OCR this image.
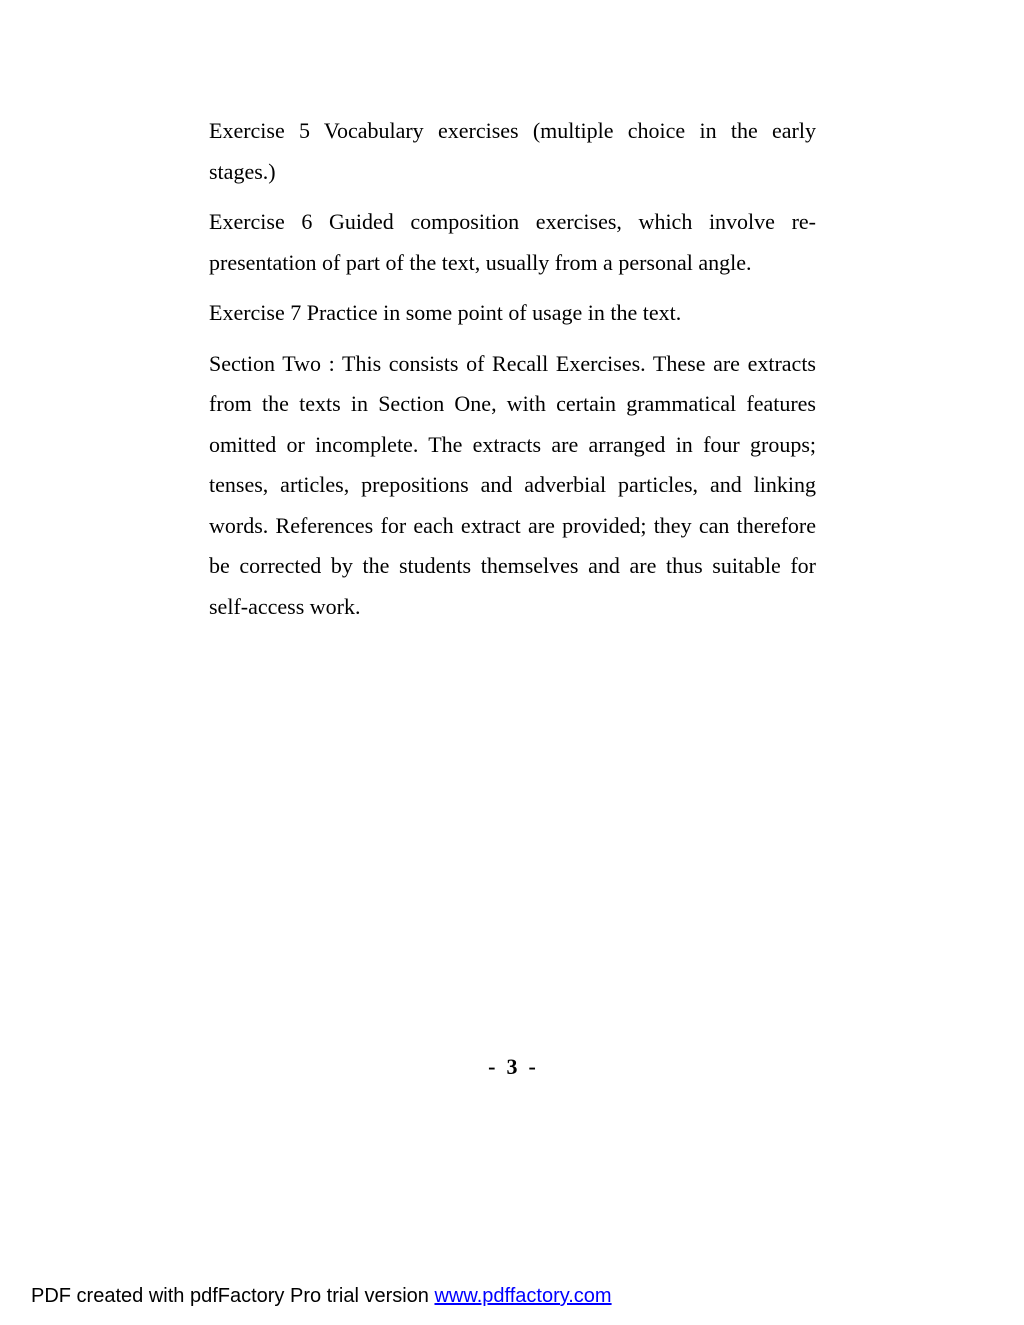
Exercise 5 Vocabulary exercises (multiple choice in the early stages.)

Exercise 6 Guided composition exercises, which involve re-presentation of part of the text, usually from a personal angle.

Exercise 7 Practice in some point of usage in the text.

Section Two : This consists of Recall Exercises. These are extracts from the texts in Section One, with certain grammatical features omitted or incomplete. The extracts are arranged in four groups; tenses, articles, prepositions and adverbial particles, and linking words. References for each extract are provided; they can therefore be corrected by the students themselves and are thus suitable for self-access work.

-  3  -
PDF created with pdfFactory Pro trial version www.pdffactory.com
